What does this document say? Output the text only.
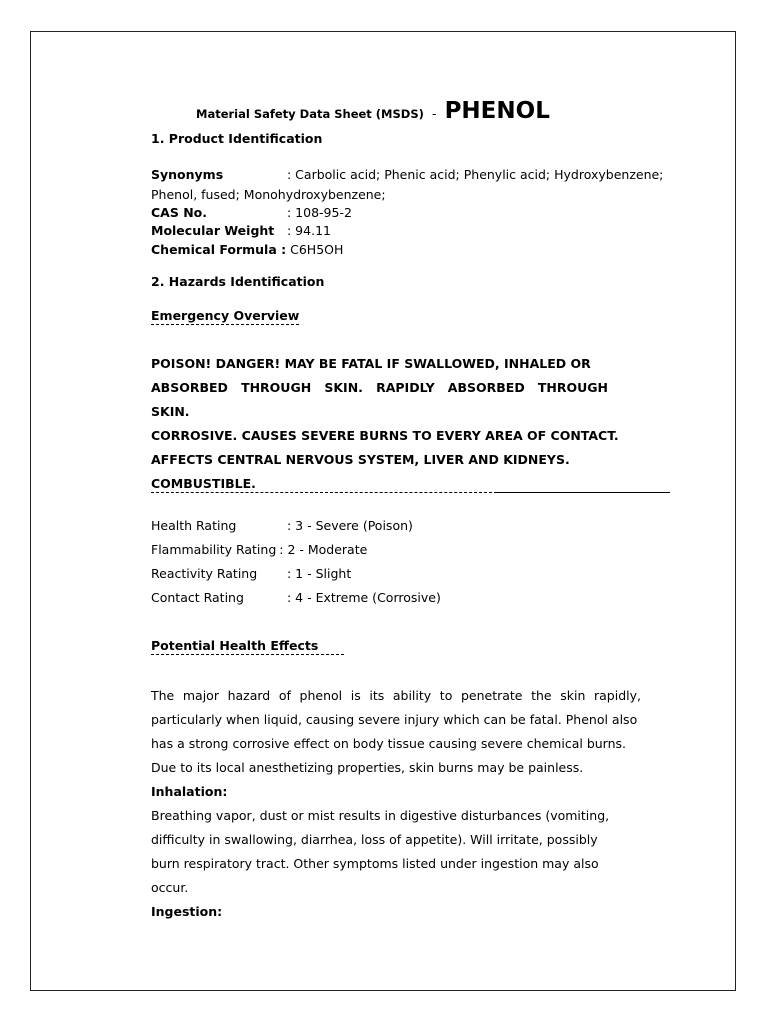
Material Safety Data Sheet (MSDS) - PHENOL
1. Product Identification
Synonyms	: Carbolic acid; Phenic acid; Phenylic acid; Hydroxybenzene;
Phenol, fused; Monohydroxybenzene;
CAS No.	: 108-95-2
Molecular Weight : 94.11
Chemical Formula : C6H5OH
2. Hazards Identification
Emergency Overview
POISON! DANGER! MAY BE FATAL IF SWALLOWED, INHALED OR
ABSORBED THROUGH SKIN. RAPIDLY ABSORBED THROUGH
SKIN.
CORROSIVE. CAUSES SEVERE BURNS TO EVERY AREA OF CONTACT.
AFFECTS CENTRAL NERVOUS SYSTEM, LIVER AND KIDNEYS.
COMBUSTIBLE.
Health Rating	: 3 - Severe (Poison)
Flammability Rating : 2 - Moderate
Reactivity Rating : 1 - Slight
Contact Rating	: 4 - Extreme (Corrosive)
Potential Health Effects
The major hazard of phenol is its ability to penetrate the skin rapidly,
particularly when liquid, causing severe injury which can be fatal. Phenol also
has a strong corrosive effect on body tissue causing severe chemical burns.
Due to its local anesthetizing properties, skin burns may be painless.
Inhalation:
Breathing vapor, dust or mist results in digestive disturbances (vomiting,
difficulty in swallowing, diarrhea, loss of appetite). Will irritate, possibly
burn respiratory tract. Other symptoms listed under ingestion may also
occur.
Ingestion:
